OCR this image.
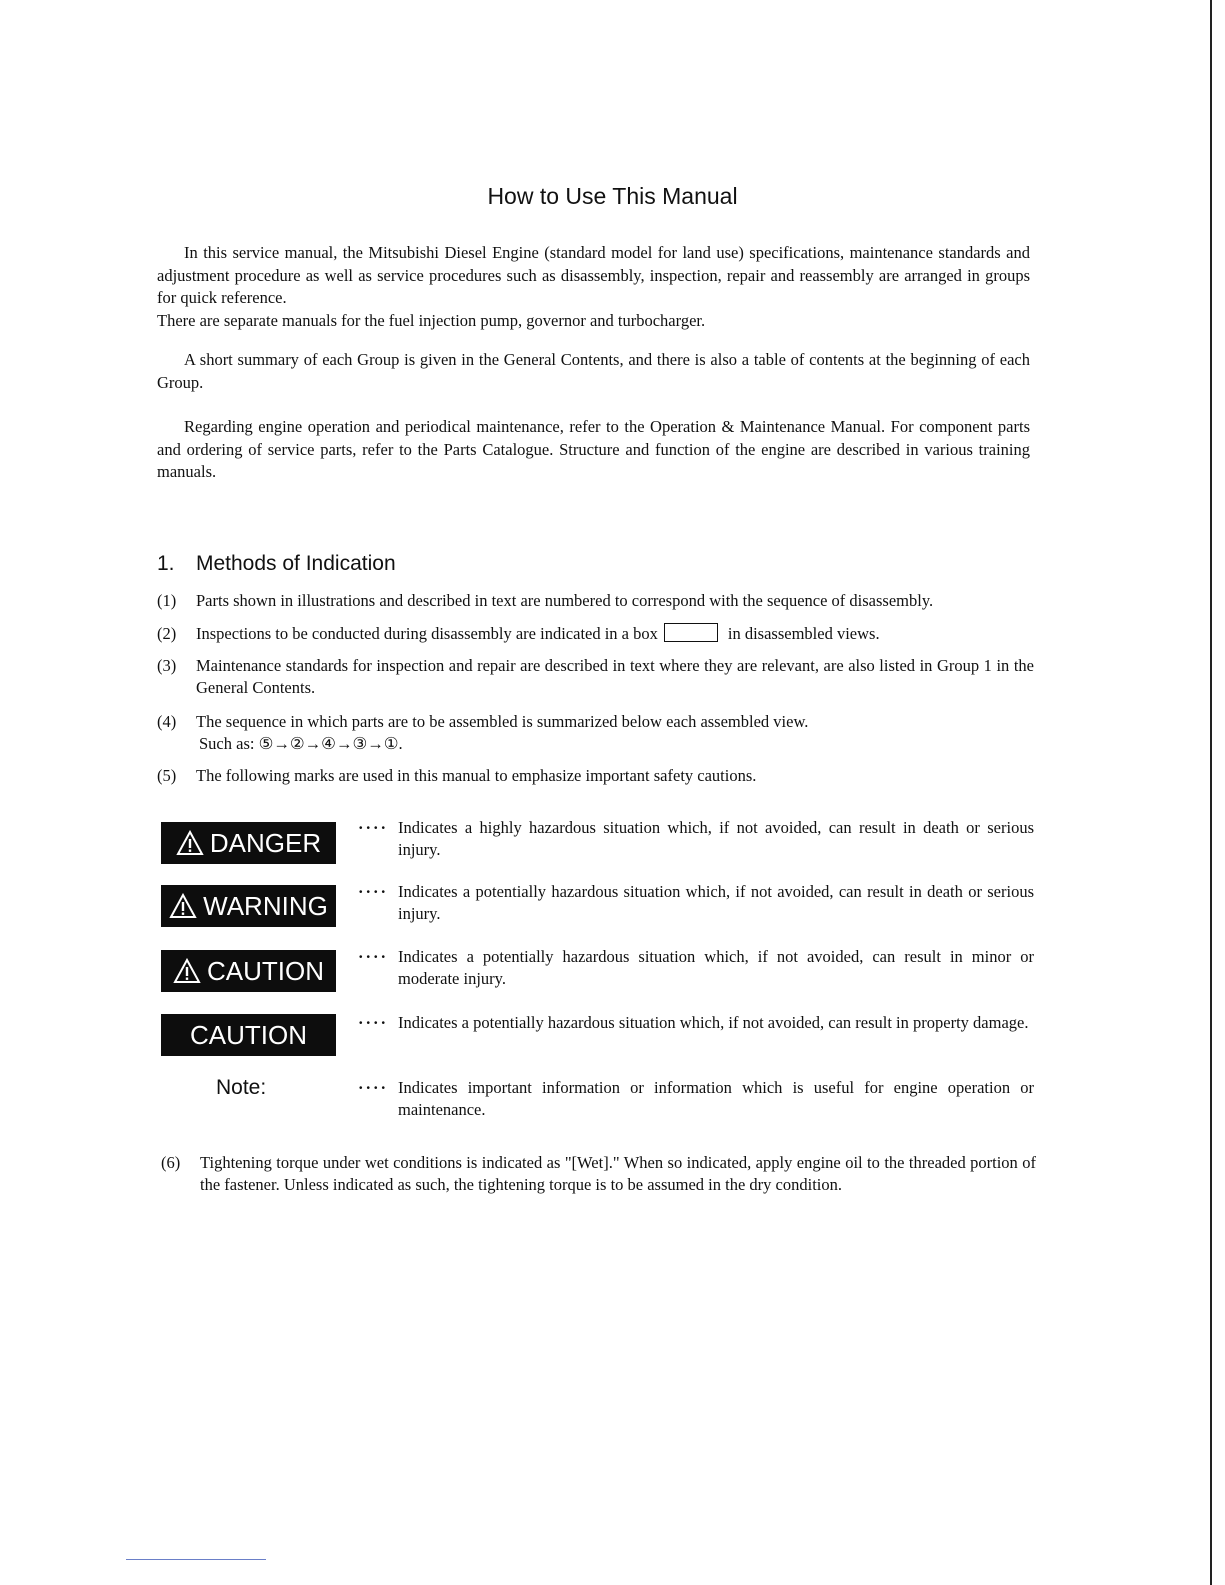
How to Use This Manual

In this service manual, the Mitsubishi Diesel Engine (standard model for land use) specifications, maintenance standards and adjustment procedure as well as service procedures such as disassembly, inspection, repair and reassembly are arranged in groups for quick reference.

There are separate manuals for the fuel injection pump, governor and turbocharger.

A short summary of each Group is given in the General Contents, and there is also a table of contents at the beginning of each Group.

Regarding engine operation and periodical maintenance, refer to the Operation & Maintenance Manual. For component parts and ordering of service parts, refer to the Parts Catalogue. Structure and function of the engine are described in various training manuals.

1. Methods of Indication
(1) Parts shown in illustrations and described in text are numbered to correspond with the sequence of disassembly.
(2) Inspections to be conducted during disassembly are indicated in a box	in disassembled views.
(3) Maintenance standards for inspection and repair are described in text where they are relevant, are also listed in Group 1 in the General Contents.
(4) The sequence in which parts are to be assembled is summarized below each assembled view.
Such as: ⑤→②→④→③→①.
(5) The following marks are used in this manual to emphasize important safety cautions.
DANGER ···· Indicates a highly hazardous situation which, if not avoided, can result in death or serious injury.
WARNING ···· Indicates a potentially hazardous situation which, if not avoided, can result in death or serious injury.
CAUTION ···· Indicates a potentially hazardous situation which, if not avoided, can result in minor or moderate injury.
CAUTION	···· Indicates a potentially hazardous situation which, if not avoided, can result in property damage.
Note:	···· Indicates important information or information which is useful for engine operation or maintenance.
(6) Tightening torque under wet conditions is indicated as "[Wet]." When so indicated, apply engine oil to the threaded portion of the fastener. Unless indicated as such, the tightening torque is to be assumed in the dry condition.
